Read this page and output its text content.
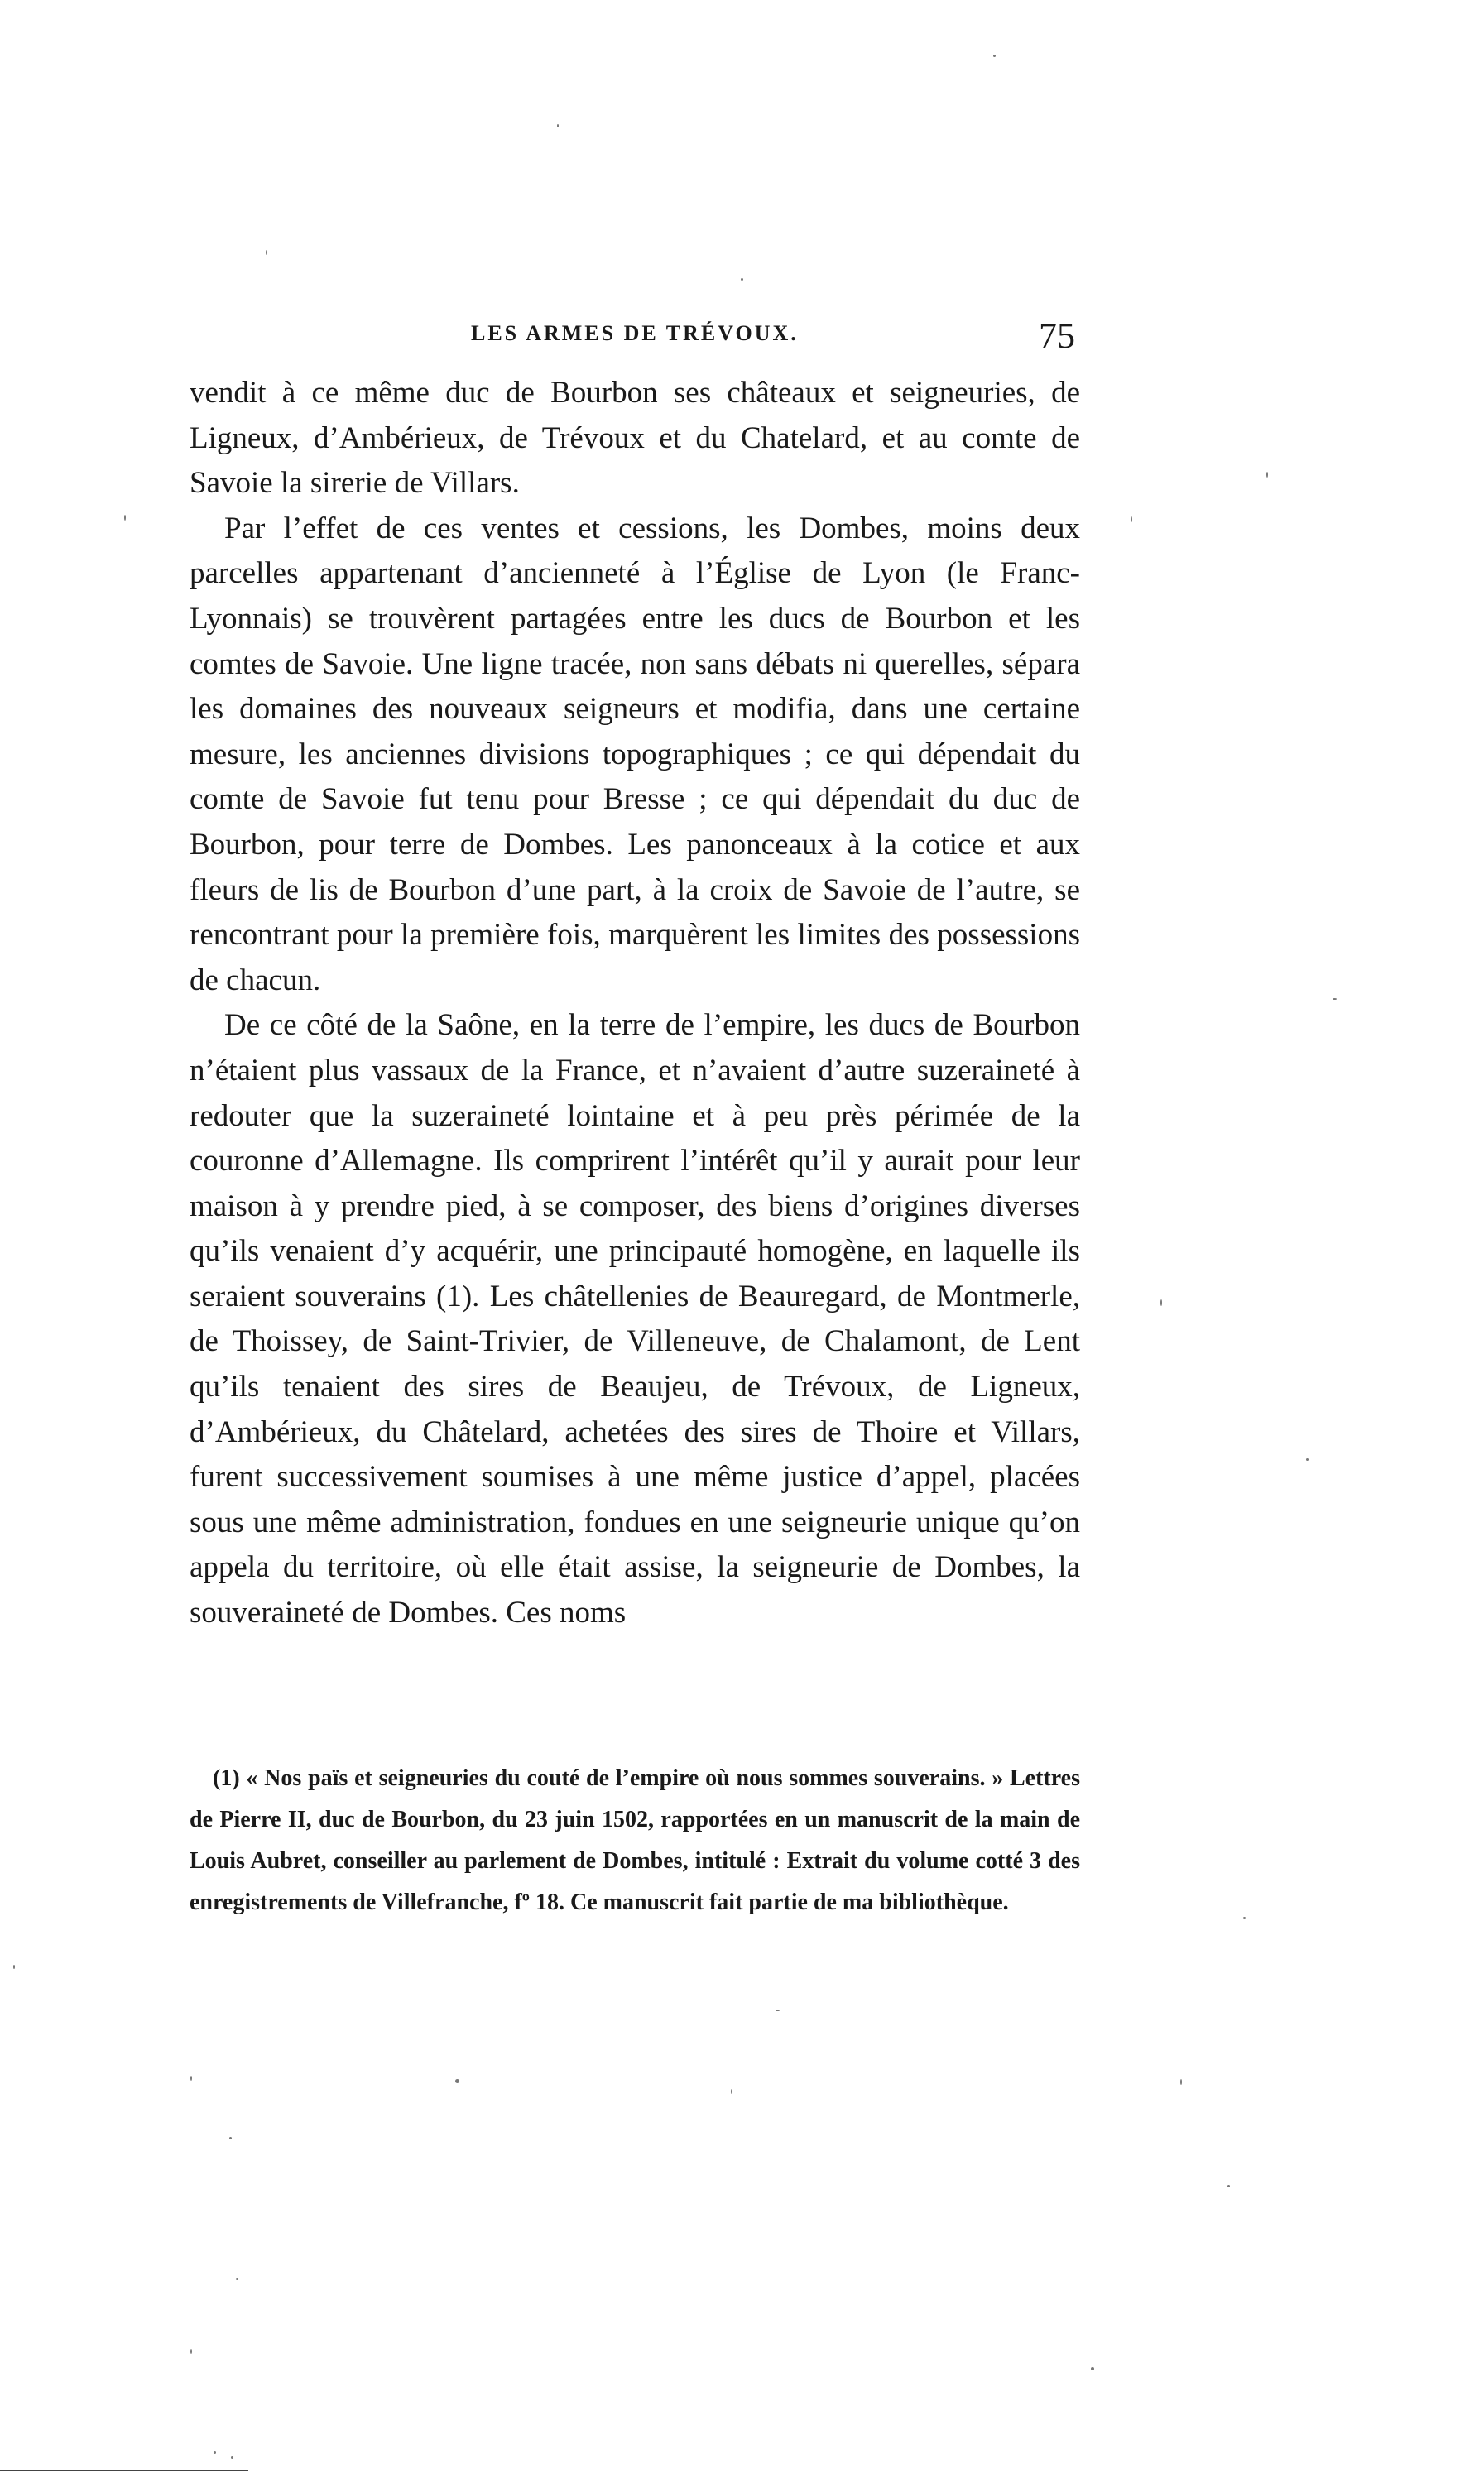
LES ARMES DE TRÉVOUX.	75

vendit à ce même duc de Bourbon ses châteaux et seigneuries, de Ligneux, d’Ambérieux, de Trévoux et du Chatelard, et au comte de Savoie la sirerie de Villars.

Par l’effet de ces ventes et cessions, les Dombes, moins deux parcelles appartenant d’ancienneté à l’Église de Lyon (le Franc-Lyonnais) se trouvèrent partagées entre les ducs de Bourbon et les comtes de Savoie. Une ligne tracée, non sans débats ni querelles, sépara les domaines des nouveaux seigneurs et modifia, dans une certaine mesure, les anciennes divisions topographiques ; ce qui dépendait du comte de Savoie fut tenu pour Bresse ; ce qui dépendait du duc de Bourbon, pour terre de Dombes. Les panonceaux à la cotice et aux fleurs de lis de Bourbon d’une part, à la croix de Savoie de l’autre, se rencontrant pour la première fois, marquèrent les limites des possessions de chacun.

De ce côté de la Saône, en la terre de l’empire, les ducs de Bourbon n’étaient plus vassaux de la France, et n’avaient d’autre suzeraineté à redouter que la suzeraineté lointaine et à peu près périmée de la couronne d’Allemagne. Ils comprirent l’intérêt qu’il y aurait pour leur maison à y prendre pied, à se composer, des biens d’origines diverses qu’ils venaient d’y acquérir, une principauté homogène, en laquelle ils seraient souverains (1). Les châtellenies de Beauregard, de Montmerle, de Thoissey, de Saint-Trivier, de Villeneuve, de Chalamont, de Lent qu’ils tenaient des sires de Beaujeu, de Trévoux, de Ligneux, d’Ambérieux, du Châtelard, achetées des sires de Thoire et Villars, furent successivement soumises à une même justice d’appel, placées sous une même administration, fondues en une seigneurie unique qu’on appela du territoire, où elle était assise, la seigneurie de Dombes, la souveraineté de Dombes. Ces noms

(1) « Nos païs et seigneuries du couté de l’empire où nous sommes souverains. » Lettres de Pierre II, duc de Bourbon, du 23 juin 1502, rapportées en un manuscrit de la main de Louis Aubret, conseiller au parlement de Dombes, intitulé : Extrait du volume cotté 3 des enregistrements de Villefranche, fº 18. Ce manuscrit fait partie de ma bibliothèque.
